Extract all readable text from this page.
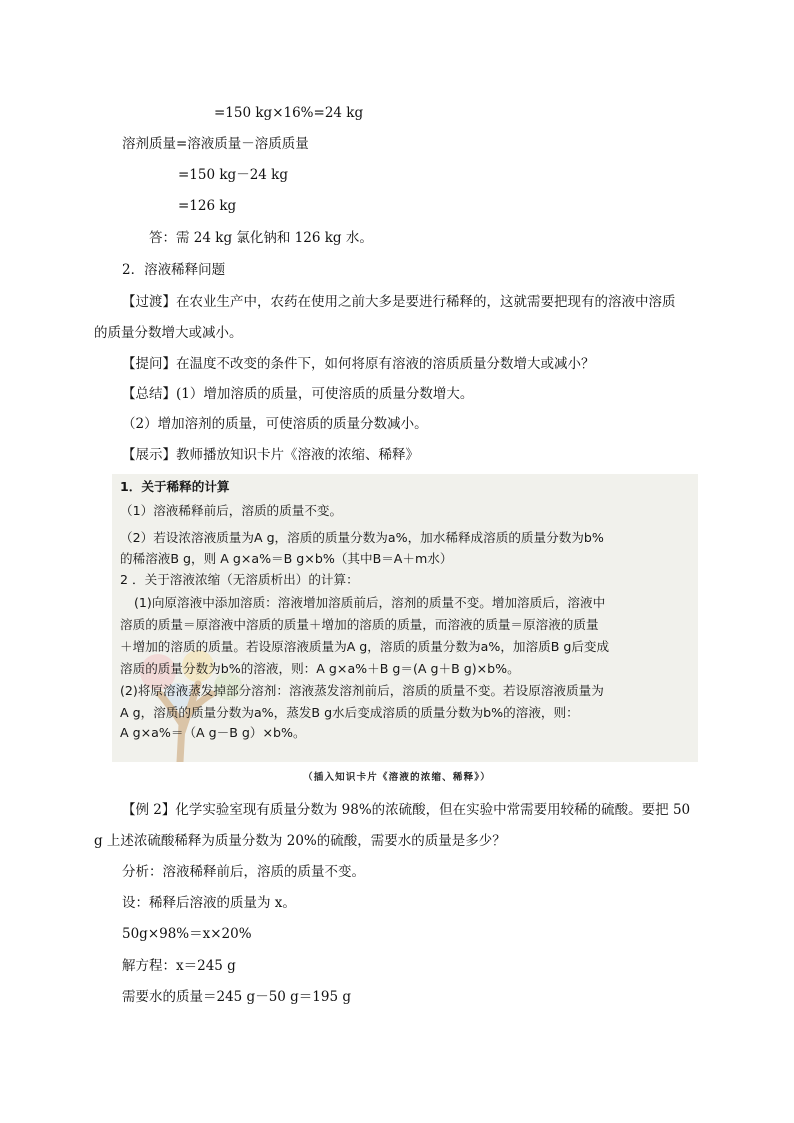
=150 kg×16%=24 kg
溶剂质量=溶液质量－溶质质量
=150 kg－24 kg
=126 kg
答：需 24 kg 氯化钠和 126 kg 水。
2．溶液稀释问题
【过渡】在农业生产中，农药在使用之前大多是要进行稀释的，这就需要把现有的溶液中溶质
的质量分数增大或减小。
【提问】在温度不改变的条件下，如何将原有溶液的溶质质量分数增大或减小？
【总结】(1）增加溶质的质量，可使溶质的质量分数增大。
（2）增加溶剂的质量，可使溶质的质量分数减小。
【展示】教师播放知识卡片《溶液的浓缩、稀释》
1．关于稀释的计算
（1）溶液稀释前后，溶质的质量不变。
（2）若设浓溶液质量为A g，溶质的质量分数为a%，加水稀释成溶质的质量分数为b%
的稀溶液B g，则 A g×a%＝B g×b%（其中B＝A＋m水）
2 ．关于溶液浓缩（无溶质析出）的计算：
(1)向原溶液中添加溶质：溶液增加溶质前后，溶剂的质量不变。增加溶质后，溶液中
溶质的质量＝原溶液中溶质的质量＋增加的溶质的质量，而溶液的质量＝原溶液的质量
＋增加的溶质的质量。若设原溶液质量为A g，溶质的质量分数为a%，加溶质B g后变成
溶质的质量分数为b%的溶液，则：A g×a%＋B g＝(A g＋B g)×b%。
(2)将原溶液蒸发掉部分溶剂：溶液蒸发溶剂前后，溶质的质量不变。若设原溶液质量为
A g，溶质的质量分数为a%，蒸发B g水后变成溶质的质量分数为b%的溶液，则：
A g×a%＝（A g－B g）×b%。
（插入知识卡片《溶液的浓缩、稀释》）
【例 2】化学实验室现有质量分数为 98%的浓硫酸，但在实验中常需要用较稀的硫酸。要把 50
g 上述浓硫酸稀释为质量分数为 20%的硫酸，需要水的质量是多少？
分析：溶液稀释前后，溶质的质量不变。
设：稀释后溶液的质量为 x。
50g×98%＝x×20%
解方程：x＝245 g
需要水的质量＝245 g－50 g＝195 g
